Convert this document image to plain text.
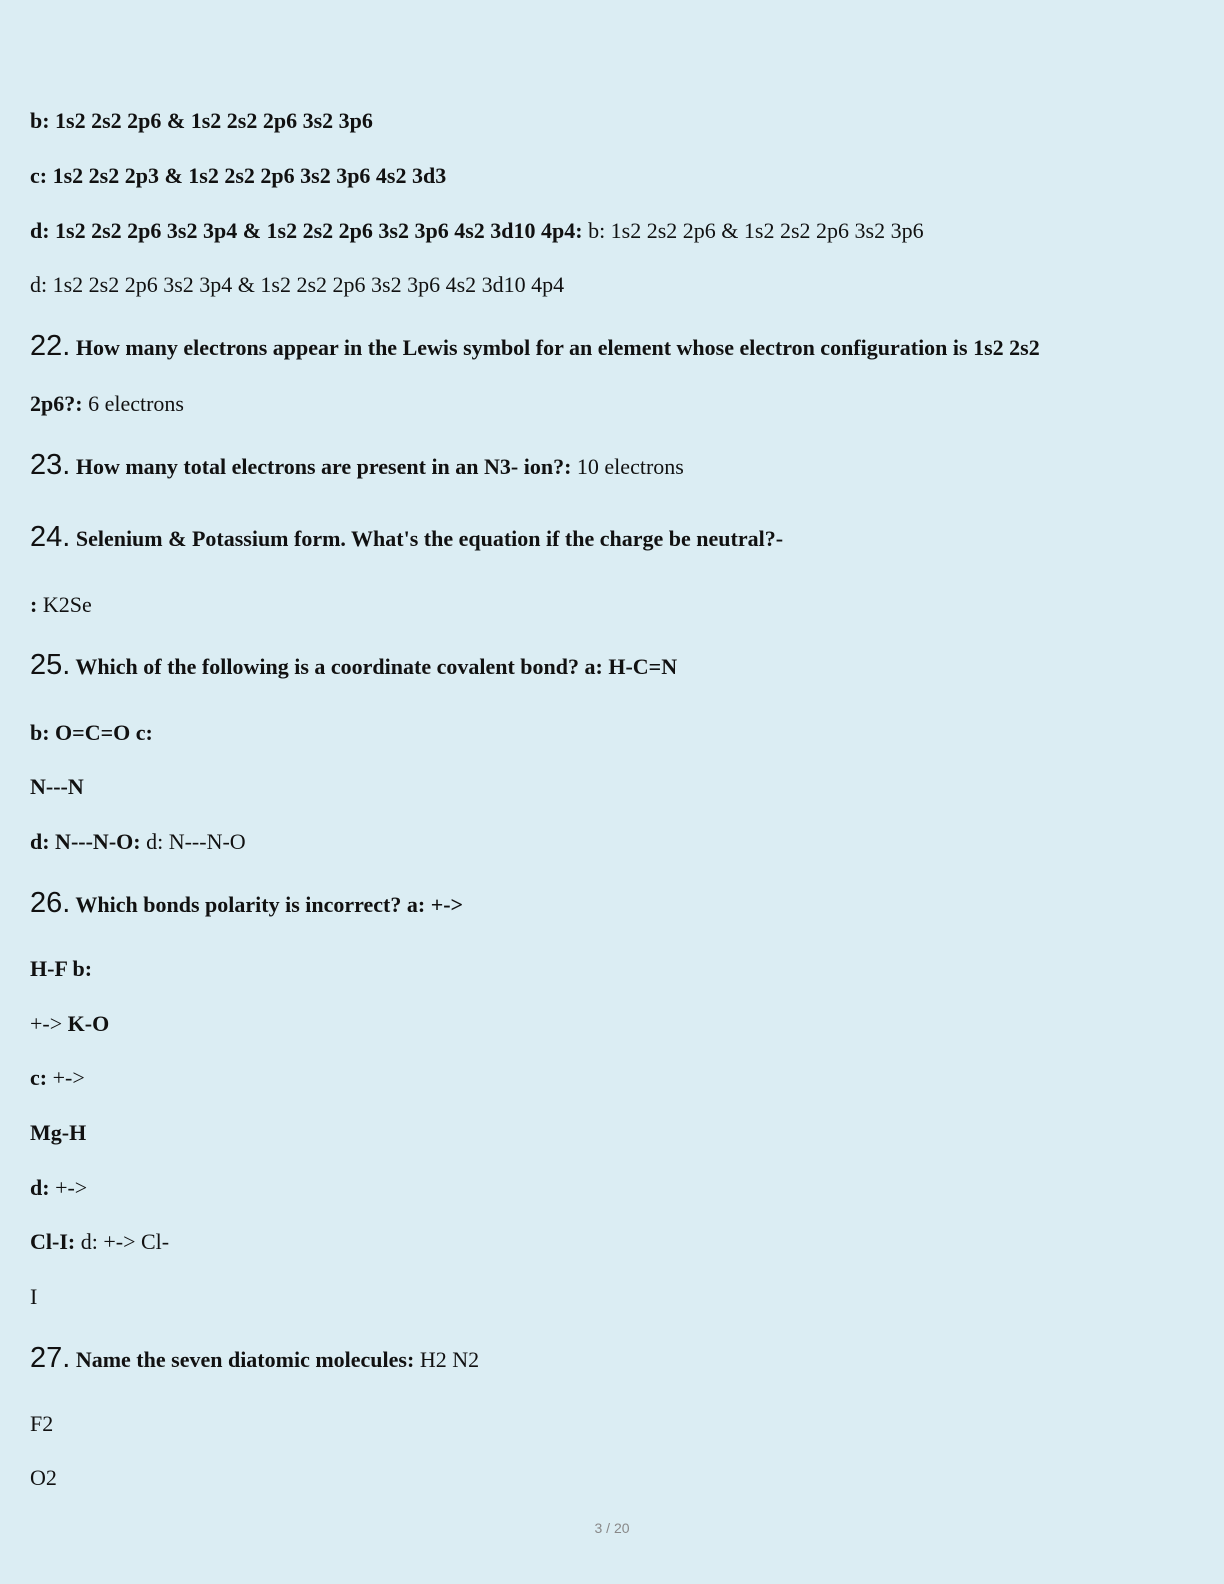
b: 1s2 2s2 2p6 & 1s2 2s2 2p6 3s2 3p6
c: 1s2 2s2 2p3 & 1s2 2s2 2p6 3s2 3p6 4s2 3d3
d: 1s2 2s2 2p6 3s2 3p4 & 1s2 2s2 2p6 3s2 3p6 4s2 3d10 4p4: b: 1s2 2s2 2p6 & 1s2 2s2 2p6 3s2 3p6
d: 1s2 2s2 2p6 3s2 3p4 & 1s2 2s2 2p6 3s2 3p6 4s2 3d10 4p4
22. How many electrons appear in the Lewis symbol for an element whose electron configuration is 1s2 2s2
2p6?: 6 electrons
23. How many total electrons are present in an N3- ion?: 10 electrons
24. Selenium & Potassium form. What's the equation if the charge be neutral?-
: K2Se
25. Which of the following is a coordinate covalent bond? a: H-C=N
b: O=C=O c:
N---N
d: N---N-O: d: N---N-O
26. Which bonds polarity is incorrect? a: +->
H-F b:
+-> K-O
c: +->
Mg-H
d: +->
Cl-I: d: +-> Cl-
I
27. Name the seven diatomic molecules: H2 N2
F2
O2
3 / 20
